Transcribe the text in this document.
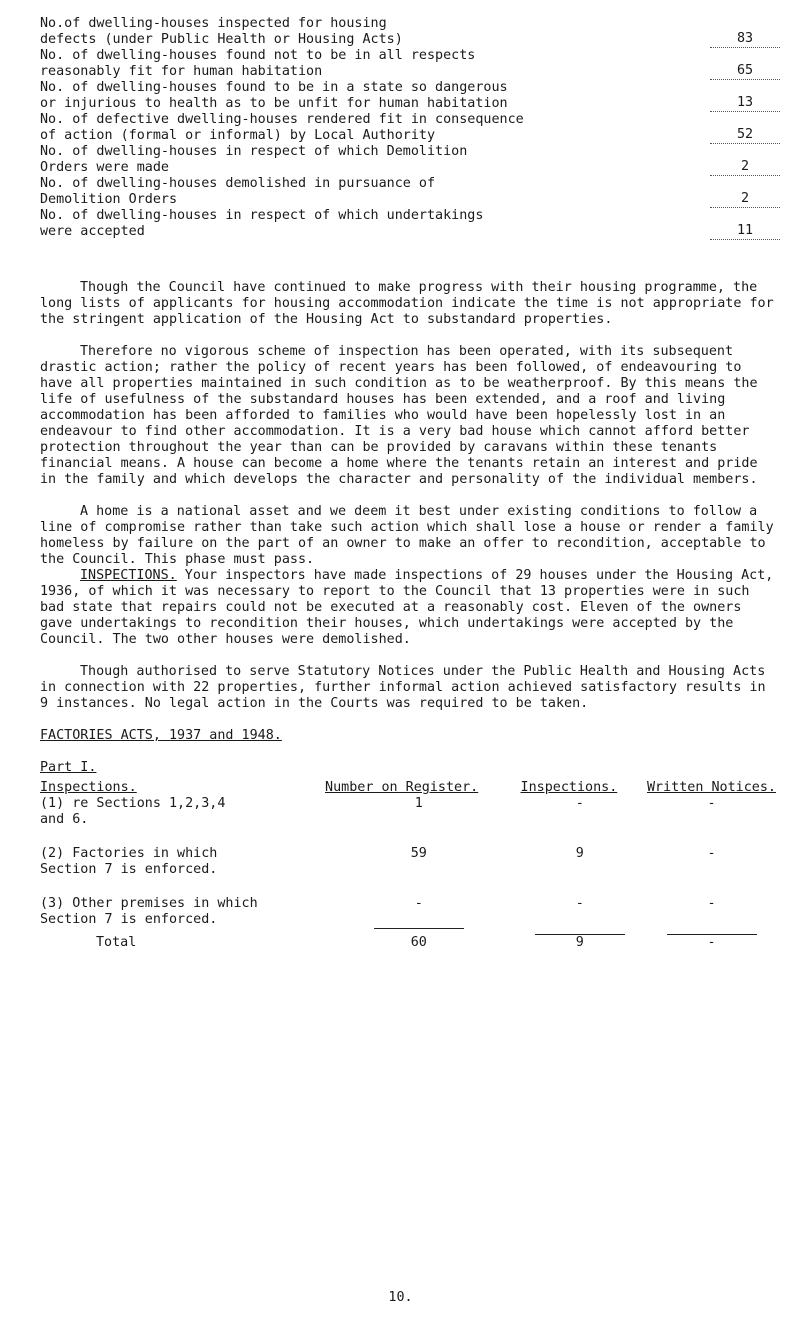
No.of dwelling-houses inspected for housing
defects (under Public Health or Housing Acts)	83
No. of dwelling-houses found not to be in all respects
reasonably fit for human habitation	65
No. of dwelling-houses found to be in a state so dangerous
or injurious to health as to be unfit for human habitation	13
No. of defective dwelling-houses rendered fit in consequence
of action (formal or informal) by Local Authority	52
No. of dwelling-houses in respect of which Demolition
Orders were made	2
No. of dwelling-houses demolished in pursuance of
Demolition Orders	2
No. of dwelling-houses in respect of which undertakings
were accepted	11

Though the Council have continued to make progress with their housing programme, the long lists of applicants for housing accommodation indicate the time is not appropriate for the stringent application of the Housing Act to substandard properties.

Therefore no vigorous scheme of inspection has been operated, with its subsequent drastic action; rather the policy of recent years has been followed, of endeavouring to have all properties maintained in such condition as to be weatherproof. By this means the life of usefulness of the substandard houses has been extended, and a roof and living accommodation has been afforded to families who would have been hopelessly lost in an endeavour to find other accommodation. It is a very bad house which cannot afford better protection throughout the year than can be provided by caravans within these tenants financial means. A house can become a home where the tenants retain an interest and pride in the family and which develops the character and personality of the individual members.

A home is a national asset and we deem it best under existing conditions to follow a line of compromise rather than take such action which shall lose a house or render a family homeless by failure on the part of an owner to make an offer to recondition, acceptable to the Council. This phase must pass.

INSPECTIONS. Your inspectors have made inspections of 29 houses under the Housing Act, 1936, of which it was necessary to report to the Council that 13 properties were in such bad state that repairs could not be executed at a reasonably cost. Eleven of the owners gave undertakings to recondition their houses, which undertakings were accepted by the Council. The two other houses were demolished.

Though authorised to serve Statutory Notices under the Public Health and Housing Acts in connection with 22 properties, further informal action achieved satisfactory results in 9 instances. No legal action in the Courts was required to be taken.

FACTORIES ACTS, 1937 and 1948.
Part I.
Inspections.	Number on Register.	Inspections.	Written Notices.
(1) re Sections 1,2,3,4
and 6.	1	-	-

(2) Factories in which
Section 7 is enforced.	59	9	-

(3) Other premises in which
Section 7 is enforced.	-	-	-

Total	60	9	-
10.
